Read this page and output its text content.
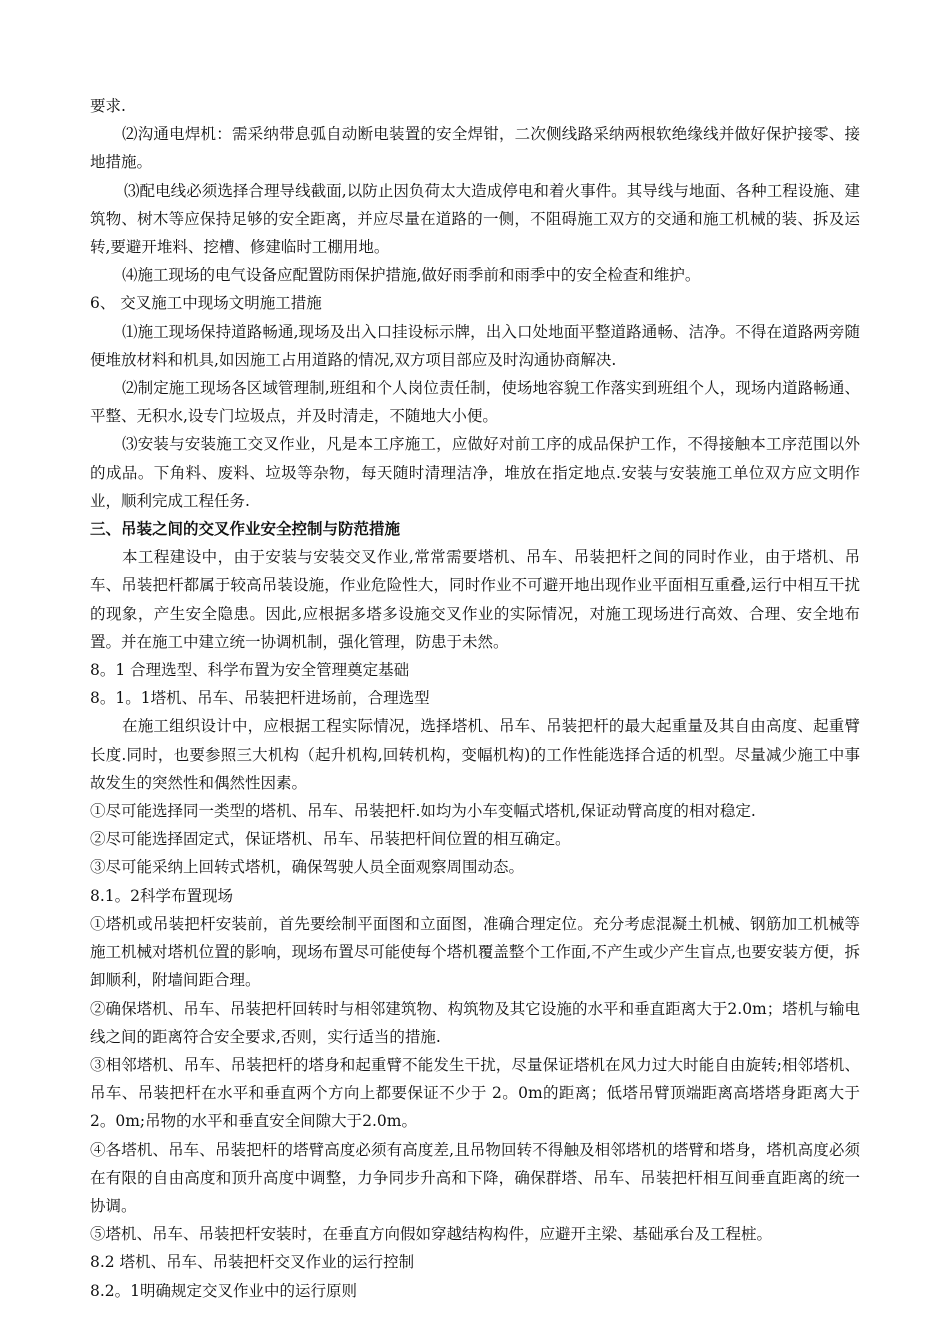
要求.

⑵沟通电焊机：需采纳带息弧自动断电装置的安全焊钳，二次侧线路采纳两根软绝缘线并做好保护接零、接地措施。

⑶配电线必须选择合理导线截面,以防止因负荷太大造成停电和着火事件。其导线与地面、各种工程设施、建筑物、树木等应保持足够的安全距离，并应尽量在道路的一侧，不阻碍施工双方的交通和施工机械的装、拆及运转,要避开堆料、挖槽、修建临时工棚用地。

⑷施工现场的电气设备应配置防雨保护措施,做好雨季前和雨季中的安全检查和维护。

6、 交叉施工中现场文明施工措施

⑴施工现场保持道路畅通,现场及出入口挂设标示牌，出入口处地面平整道路通畅、洁净。不得在道路两旁随便堆放材料和机具,如因施工占用道路的情况,双方项目部应及时沟通协商解决.

⑵制定施工现场各区域管理制,班组和个人岗位责任制，使场地容貌工作落实到班组个人，现场内道路畅通、平整、无积水,设专门垃圾点，并及时清走，不随地大小便。

⑶安装与安装施工交叉作业，凡是本工序施工，应做好对前工序的成品保护工作，不得接触本工序范围以外的成品。下角料、废料、垃圾等杂物，每天随时清理洁净，堆放在指定地点.安装与安装施工单位双方应文明作业，顺利完成工程任务.

三、吊装之间的交叉作业安全控制与防范措施

本工程建设中，由于安装与安装交叉作业,常常需要塔机、吊车、吊装把杆之间的同时作业，由于塔机、吊车、吊装把杆都属于较高吊装设施，作业危险性大，同时作业不可避开地出现作业平面相互重叠,运行中相互干扰的现象，产生安全隐患。因此,应根据多塔多设施交叉作业的实际情况，对施工现场进行高效、合理、安全地布置。并在施工中建立统一协调机制，强化管理，防患于未然。

8。1 合理选型、科学布置为安全管理奠定基础

8。1。1塔机、吊车、吊装把杆进场前，合理选型

在施工组织设计中，应根据工程实际情况，选择塔机、吊车、吊装把杆的最大起重量及其自由高度、起重臂长度.同时，也要参照三大机构（起升机构,回转机构，变幅机构)的工作性能选择合适的机型。尽量减少施工中事故发生的突然性和偶然性因素。

①尽可能选择同一类型的塔机、吊车、吊装把杆.如均为小车变幅式塔机,保证动臂高度的相对稳定.

②尽可能选择固定式，保证塔机、吊车、吊装把杆间位置的相互确定。

③尽可能采纳上回转式塔机，确保驾驶人员全面观察周围动态。

8.1。2科学布置现场

①塔机或吊装把杆安装前，首先要绘制平面图和立面图，准确合理定位。充分考虑混凝土机械、钢筋加工机械等施工机械对塔机位置的影响，现场布置尽可能使每个塔机覆盖整个工作面,不产生或少产生盲点,也要安装方便，拆卸顺利，附墙间距合理。

②确保塔机、吊车、吊装把杆回转时与相邻建筑物、构筑物及其它设施的水平和垂直距离大于2.0m；塔机与输电线之间的距离符合安全要求,否则，实行适当的措施.

③相邻塔机、吊车、吊装把杆的塔身和起重臂不能发生干扰，尽量保证塔机在风力过大时能自由旋转;相邻塔机、吊车、吊装把杆在水平和垂直两个方向上都要保证不少于 2。0m的距离；低塔吊臂顶端距离高塔塔身距离大于2。0m;吊物的水平和垂直安全间隙大于2.0m。

④各塔机、吊车、吊装把杆的塔臂高度必须有高度差,且吊物回转不得触及相邻塔机的塔臂和塔身，塔机高度必须在有限的自由高度和顶升高度中调整，力争同步升高和下降，确保群塔、吊车、吊装把杆相互间垂直距离的统一协调。

⑤塔机、吊车、吊装把杆安装时，在垂直方向假如穿越结构构件，应避开主梁、基础承台及工程桩。

8.2 塔机、吊车、吊装把杆交叉作业的运行控制

8.2。1明确规定交叉作业中的运行原则
